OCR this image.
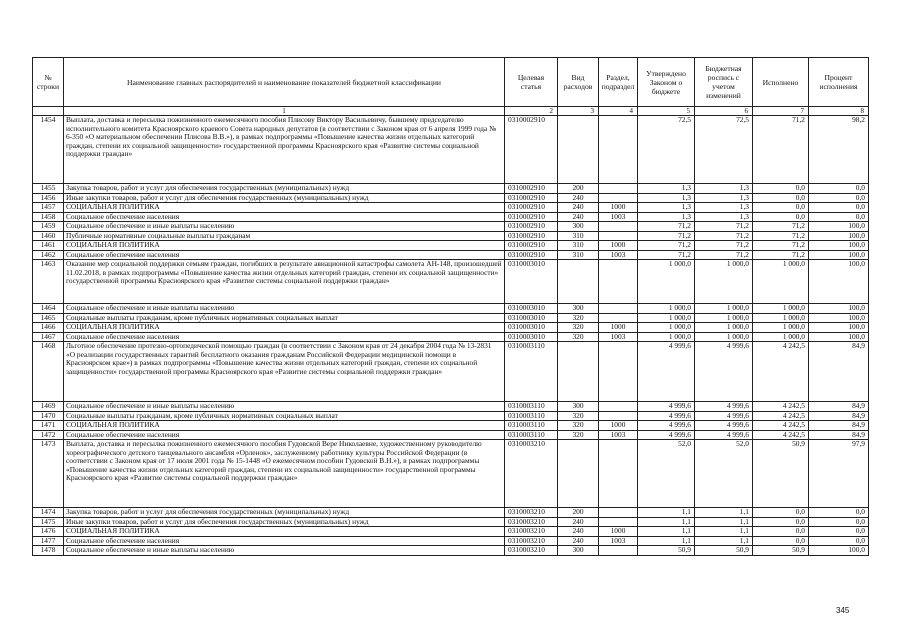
№ строки	Наименование главных распорядителей и наименование показателей бюджетной классификации	Целевая статья	Вид расходов	Раздел, подраздел	Утверждено Законом о бюджете	Бюджетная роспись с учетом изменений	Исполнено	Процент исполнения
	1	2	3	4	5	6	7	8
1454	Выплата, доставка и пересылка пожизненного ежемесячного пособия Плисову Виктору Васильевичу, бывшему председателю исполнительного комитета Красноярского краевого Совета народных депутатов (в соответствии с Законом края от 6 апреля 1999 года № 6-350 «О материальном обеспечении Плисова В.В.»), в рамках подпрограммы «Повышение качества жизни отдельных категорий граждан, степени их социальной защищенности» государственной программы Красноярского края «Развитие системы социальной поддержки граждан»	0310002910			72,5	72,5	71,2	98,2
1455	Закупка товаров, работ и услуг для обеспечения государственных (муниципальных) нужд	0310002910	200		1,3	1,3	0,0	0,0
1456	Иные закупки товаров, работ и услуг для обеспечения государственных (муниципальных) нужд	0310002910	240		1,3	1,3	0,0	0,0
1457	СОЦИАЛЬНАЯ ПОЛИТИКА	0310002910	240	1000	1,3	1,3	0,0	0,0
1458	Социальное обеспечение населения	0310002910	240	1003	1,3	1,3	0,0	0,0
1459	Социальное обеспечение и иные выплаты населению	0310002910	300		71,2	71,2	71,2	100,0
1460	Публичные нормативные социальные выплаты гражданам	0310002910	310		71,2	71,2	71,2	100,0
1461	СОЦИАЛЬНАЯ ПОЛИТИКА	0310002910	310	1000	71,2	71,2	71,2	100,0
1462	Социальное обеспечение населения	0310002910	310	1003	71,2	71,2	71,2	100,0
1463	Оказание мер социальной поддержки семьям граждан, погибших в результате авиационной катастрофы самолета АН-148, произошедшей 11.02.2018, в рамках подпрограммы «Повышение качества жизни отдельных категорий граждан, степени их социальной защищенности» государственной программы Красноярского края «Развитие системы социальной поддержки граждан»	0310003010			1 000,0	1 000,0	1 000,0	100,0
1464	Социальное обеспечение и иные выплаты населению	0310003010	300		1 000,0	1 000,0	1 000,0	100,0
1465	Социальные выплаты гражданам, кроме публичных нормативных социальных выплат	0310003010	320		1 000,0	1 000,0	1 000,0	100,0
1466	СОЦИАЛЬНАЯ ПОЛИТИКА	0310003010	320	1000	1 000,0	1 000,0	1 000,0	100,0
1467	Социальное обеспечение населения	0310003010	320	1003	1 000,0	1 000,0	1 000,0	100,0
1468	Льготное обеспечение протезно-ортопедической помощью граждан (в соответствии с Законом края от 24 декабря 2004 года № 13-2831 «О реализации государственных гарантий бесплатного оказания гражданам Российской Федерации медицинской помощи в Красноярском крае») в рамках подпрограммы «Повышение качества жизни отдельных категорий граждан, степени их социальной защищенности» государственной программы Красноярского края «Развитие системы социальной поддержки граждан»	0310003110			4 999,6	4 999,6	4 242,5	84,9
1469	Социальное обеспечение и иные выплаты населению	0310003110	300		4 999,6	4 999,6	4 242,5	84,9
1470	Социальные выплаты гражданам, кроме публичных нормативных социальных выплат	0310003110	320		4 999,6	4 999,6	4 242,5	84,9
1471	СОЦИАЛЬНАЯ ПОЛИТИКА	0310003110	320	1000	4 999,6	4 999,6	4 242,5	84,9
1472	Социальное обеспечение населения	0310003110	320	1003	4 999,6	4 999,6	4 242,5	84,9
1473	Выплата, доставка и пересылка пожизненного ежемесячного пособия Гудовской Вере Николаевне, художественному руководителю хореографического детского танцевального ансамбля «Орленок», заслуженному работнику культуры Российской Федерации (в соответствии с Законом края от 17 июля 2001 года № 15-1448 «О ежемесячном пособии Гудовской В.Н.»), в рамках подпрограммы «Повышение качества жизни отдельных категорий граждан, степени их социальной защищенности» государственной программы Красноярского края «Развитие системы социальной поддержки граждан»	0310003210			52,0	52,0	50,9	97,9
1474	Закупка товаров, работ и услуг для обеспечения государственных (муниципальных) нужд	0310003210	200		1,1	1,1	0,0	0,0
1475	Иные закупки товаров, работ и услуг для обеспечения государственных (муниципальных) нужд	0310003210	240		1,1	1,1	0,0	0,0
1476	СОЦИАЛЬНАЯ ПОЛИТИКА	0310003210	240	1000	1,1	1,1	0,0	0,0
1477	Социальное обеспечение населения	0310003210	240	1003	1,1	1,1	0,0	0,0
1478	Социальное обеспечение и иные выплаты населению	0310003210	300		50,9	50,9	50,9	100,0
345
